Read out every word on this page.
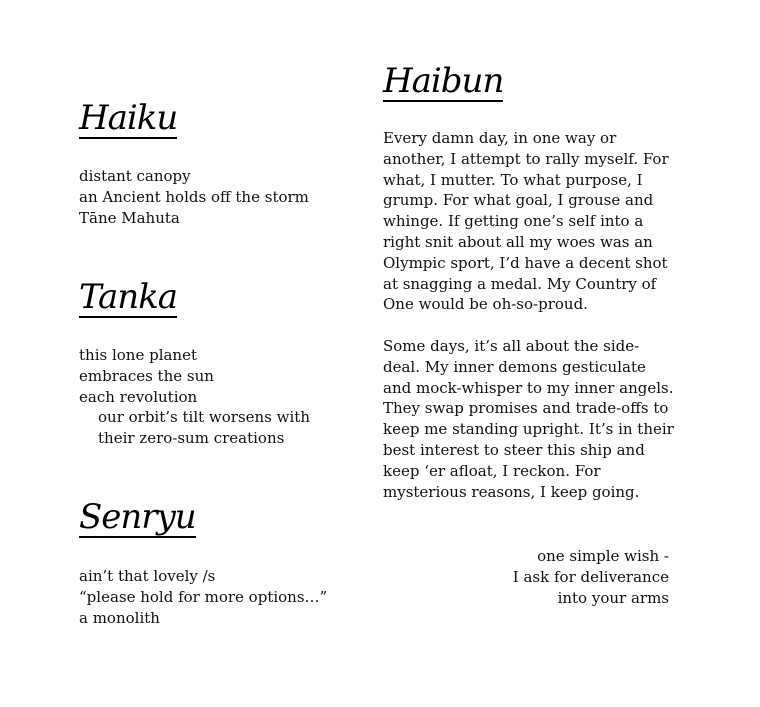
Haiku
distant canopy
an Ancient holds off the storm
Tāne Mahuta
Tanka
this lone planet
embraces the sun
each revolution
our orbit’s tilt worsens with
their zero-sum creations
Senryu
ain’t that lovely /s
“please hold for more options…”
a monolith
Haibun

Every damn day, in one way or another, I attempt to rally myself. For what, I mutter. To what purpose, I grump. For what goal, I grouse and whinge. If getting one’s self into a right snit about all my woes was an Olympic sport, I’d have a decent shot at snagging a medal. My Country of One would be oh-so-proud.

Some days, it’s all about the side-deal. My inner demons gesticulate and mock-whisper to my inner angels. They swap promises and trade-offs to keep me standing upright. It’s in their best interest to steer this ship and keep ‘er afloat, I reckon. For mysterious reasons, I keep going.

one simple wish -
I ask for deliverance
into your arms
